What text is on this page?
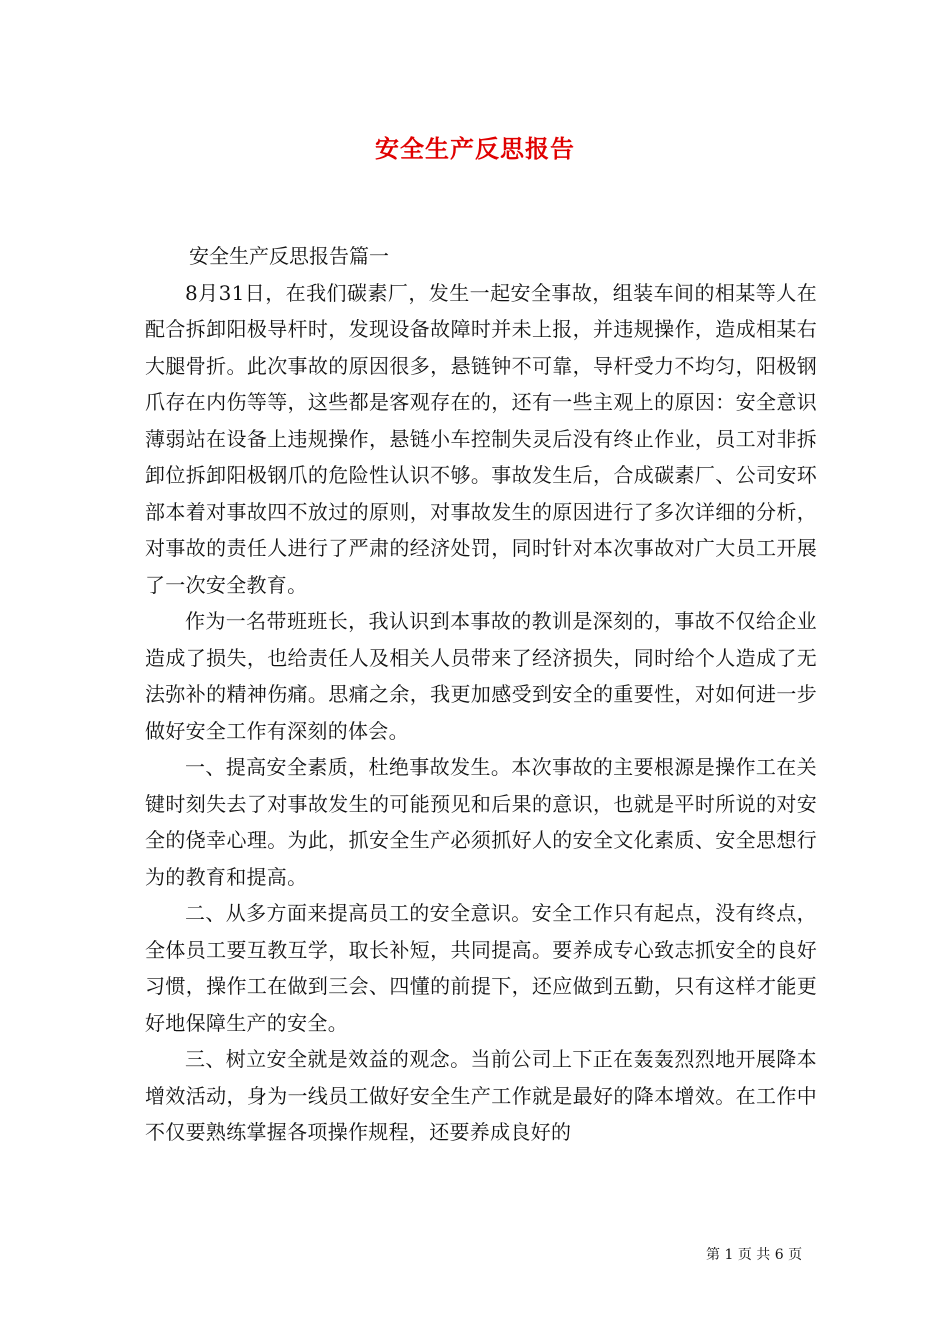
安全生产反思报告

安全生产反思报告篇一

8月31日，在我们碳素厂，发生一起安全事故，组装车间的相某等人在配合拆卸阳极导杆时，发现设备故障时并未上报，并违规操作，造成相某右大腿骨折。此次事故的原因很多，悬链钟不可靠，导杆受力不均匀，阳极钢爪存在内伤等等，这些都是客观存在的，还有一些主观上的原因：安全意识薄弱站在设备上违规操作，悬链小车控制失灵后没有终止作业，员工对非拆卸位拆卸阳极钢爪的危险性认识不够。事故发生后，合成碳素厂、公司安环部本着对事故四不放过的原则，对事故发生的原因进行了多次详细的分析，对事故的责任人进行了严肃的经济处罚，同时针对本次事故对广大员工开展了一次安全教育。

作为一名带班班长，我认识到本事故的教训是深刻的，事故不仅给企业造成了损失，也给责任人及相关人员带来了经济损失，同时给个人造成了无法弥补的精神伤痛。思痛之余，我更加感受到安全的重要性，对如何进一步做好安全工作有深刻的体会。

一、提高安全素质，杜绝事故发生。本次事故的主要根源是操作工在关键时刻失去了对事故发生的可能预见和后果的意识，也就是平时所说的对安全的侥幸心理。为此，抓安全生产必须抓好人的安全文化素质、安全思想行为的教育和提高。

二、从多方面来提高员工的安全意识。安全工作只有起点，没有终点，全体员工要互教互学，取长补短，共同提高。要养成专心致志抓安全的良好习惯，操作工在做到三会、四懂的前提下，还应做到五勤，只有这样才能更好地保障生产的安全。

三、树立安全就是效益的观念。当前公司上下正在轰轰烈烈地开展降本增效活动，身为一线员工做好安全生产工作就是最好的降本增效。在工作中不仅要熟练掌握各项操作规程，还要养成良好的

第 1 页 共 6 页
